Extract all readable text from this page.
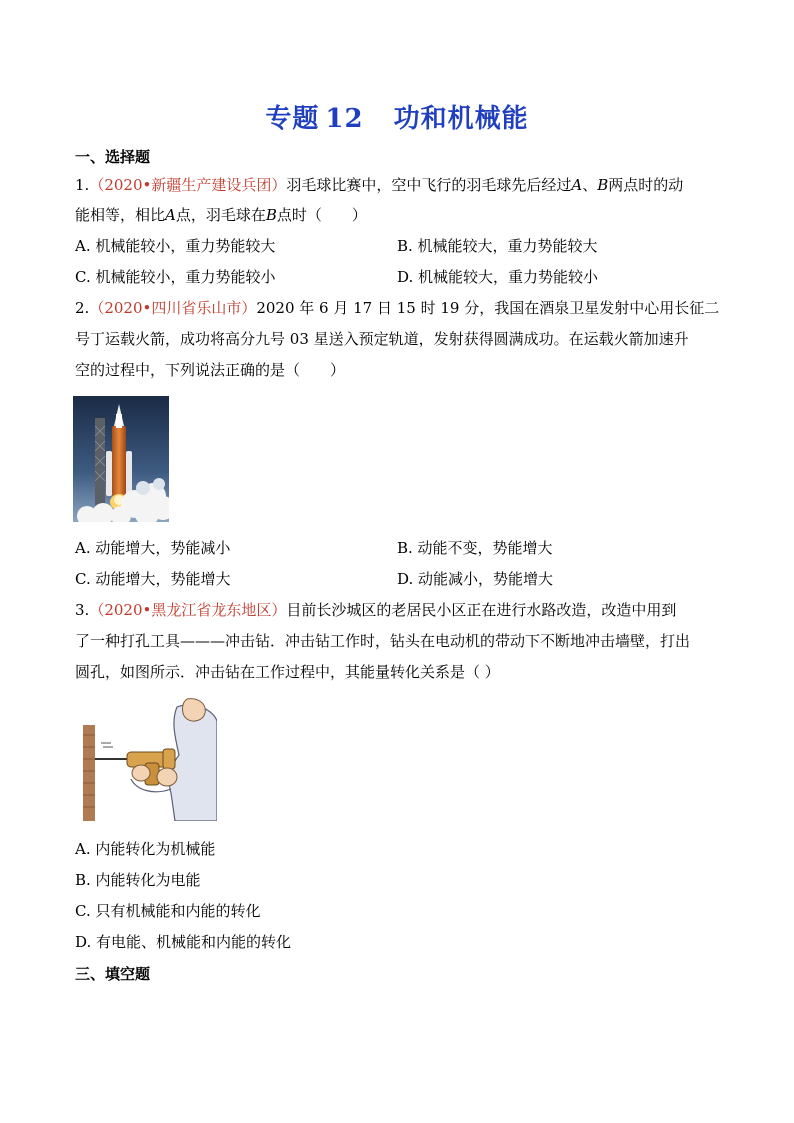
专题 12 功和机械能
一、选择题
1.（2020•新疆生产建设兵团）羽毛球比赛中，空中飞行的羽毛球先后经过A、B两点时的动
能相等，相比A点，羽毛球在B点时（　　）
A. 机械能较小，重力势能较大	B. 机械能较大，重力势能较大
C. 机械能较小，重力势能较小	D. 机械能较大，重力势能较小
2.（2020•四川省乐山市）2020 年 6 月 17 日 15 时 19 分，我国在酒泉卫星发射中心用长征二
号丁运载火箭，成功将高分九号 03 星送入预定轨道，发射获得圆满成功。在运载火箭加速升
空的过程中，下列说法正确的是（　　）
A. 动能增大，势能减小	B. 动能不变，势能增大
C. 动能增大，势能增大	D. 动能减小，势能增大
3.（2020•黑龙江省龙东地区）目前长沙城区的老居民小区正在进行水路改造，改造中用到
了一种打孔工具———冲击钻．冲击钻工作时，钻头在电动机的带动下不断地冲击墙壁，打出
圆孔，如图所示．冲击钻在工作过程中，其能量转化关系是（ ）
A. 内能转化为机械能
B. 内能转化为电能
C. 只有机械能和内能的转化
D. 有电能、机械能和内能的转化
三、填空题
